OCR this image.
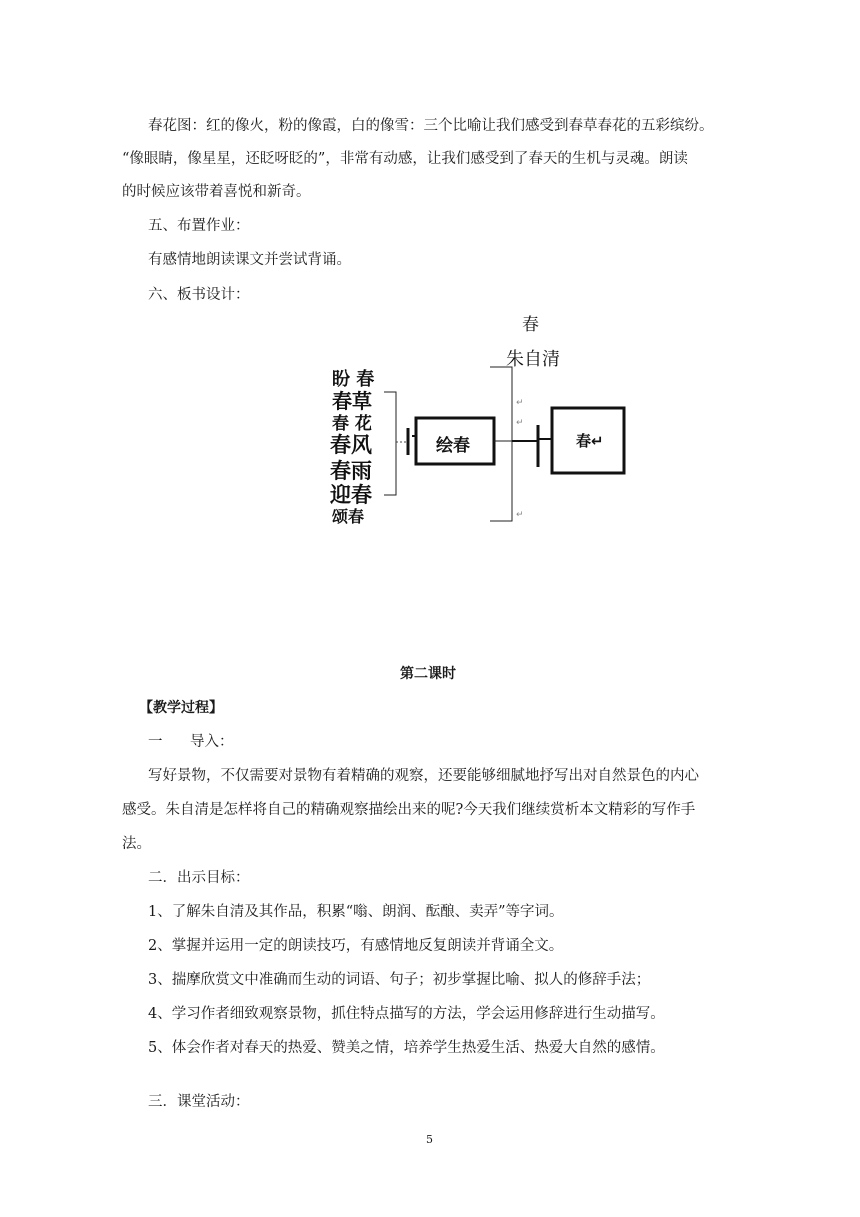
春花图：红的像火，粉的像霞，白的像雪：三个比喻让我们感受到春草春花的五彩缤纷。
“像眼睛，像星星，还眨呀眨的”，非常有动感，让我们感受到了春天的生机与灵魂。朗读
的时候应该带着喜悦和新奇。
五、布置作业：
有感情地朗读课文并尝试背诵。
六、板书设计：
春
朱自清
盼 春
春草
春 花
春风
春雨
迎春
颂春
绘春	春↵
↵
↵
↵
第二课时
【教学过程】
一 导入：
写好景物，不仅需要对景物有着精确的观察，还要能够细腻地抒写出对自然景色的内心
感受。朱自清是怎样将自己的精确观察描绘出来的呢?今天我们继续赏析本文精彩的写作手
法。
二．出示目标：
1、了解朱自清及其作品，积累“嗡、朗润、酝酿、卖弄”等字词。
2、掌握并运用一定的朗读技巧，有感情地反复朗读并背诵全文。
3、揣摩欣赏文中准确而生动的词语、句子；初步掌握比喻、拟人的修辞手法；
4、学习作者细致观察景物，抓住特点描写的方法，学会运用修辞进行生动描写。
5、体会作者对春天的热爱、赞美之情，培养学生热爱生活、热爱大自然的感情。
三．课堂活动：
5
